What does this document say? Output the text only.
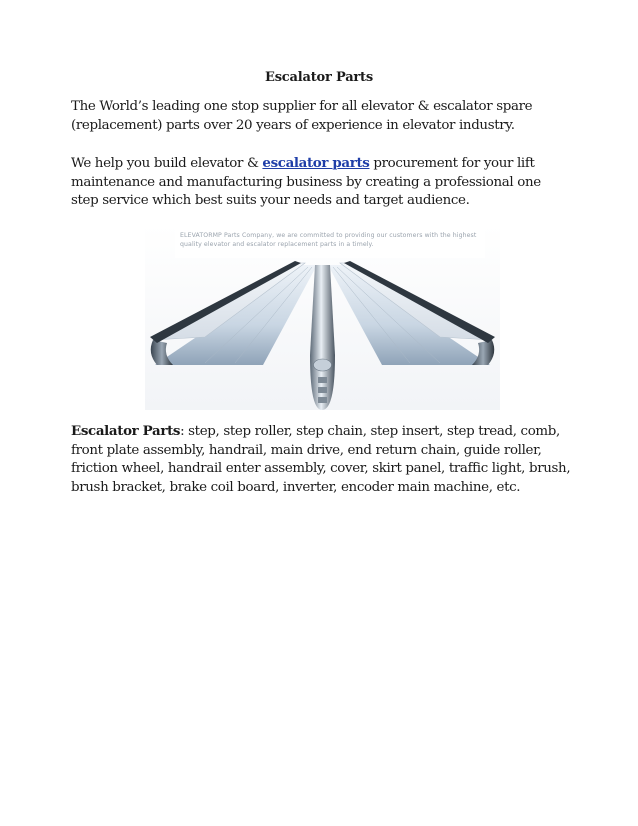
Escalator Parts

The World’s leading one stop supplier for all elevator & escalator spare (replacement) parts over 20 years of experience in elevator industry.

We help you build elevator & escalator parts procurement for your lift maintenance and manufacturing business by creating a professional one step service which best suits your needs and target audience.

ELEVATORMP Parts Company, we are committed to providing our customers with the highest quality elevator and escalator replacement parts in a timely.

Escalator Parts: step, step roller, step chain, step insert, step tread, comb, front plate assembly, handrail, main drive, end return chain, guide roller, friction wheel, handrail enter assembly, cover, skirt panel, traffic light, brush, brush bracket, brake coil board, inverter, encoder main machine, etc.
